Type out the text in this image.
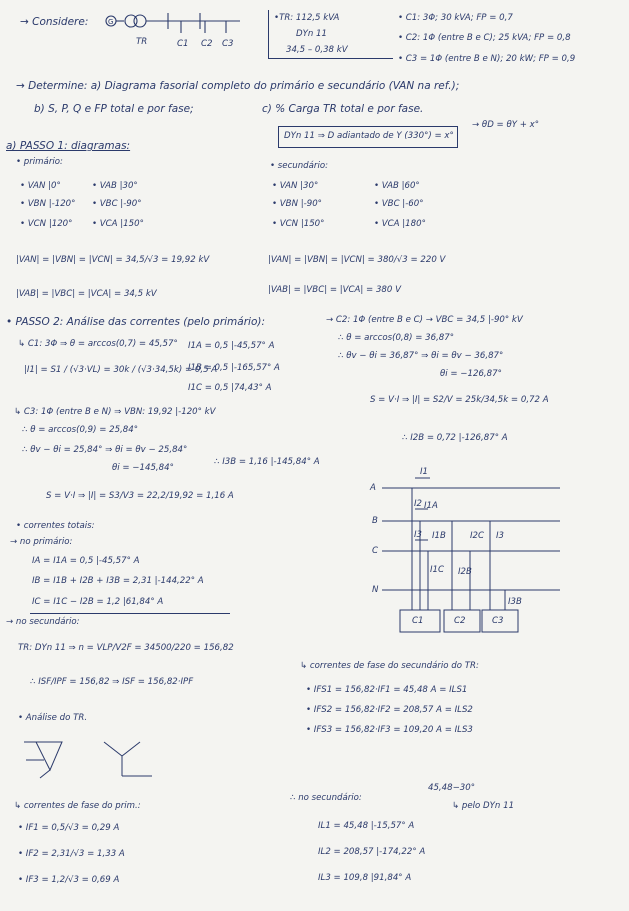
→ Considere:	G
TR	C1 C2 C3
•TR: 112,5 kVA
DYn 11
34,5 – 0,38 kV
• C1: 3Φ; 30 kVA; FP = 0,7
• C2: 1Φ (entre B e C); 25 kVA; FP = 0,8
• C3 = 1Φ (entre B e N); 20 kW; FP = 0,9
→ Determine: a) Diagrama fasorial completo do primário e secundário (VAN na ref.);
b) S, P, Q e FP total e por fase;	c) % Carga TR total e por fase.
DYn 11 ⇒ D adiantado de Y (330°) = x°
→ θD = θY + x°
a) PASSO 1: diagramas:
• primário:
• VAN |0°
• VBN |-120°
• VCN |120°
• VAB |30°
• VBC |-90°
• VCA |150°
|VAN| = |VBN| = |VCN| = 34,5/√3 = 19,92 kV
|VAB| = |VBC| = |VCA| = 34,5 kV
• secundário:
• VAN |30°
• VBN |-90°
• VCN |150°
• VAB |60°
• VBC |-60°
• VCA |180°
|VAN| = |VBN| = |VCN| = 380/√3 = 220 V
|VAB| = |VBC| = |VCA| = 380 V
• PASSO 2: Análise das correntes (pelo primário):
↳ C1: 3Φ ⇒ θ = arccos(0,7) = 45,57°
|I1| = S1 / (√3·VL) = 30k / (√3·34,5k) = 0,5 A
I1A = 0,5 |-45,57° A
I1B = 0,5 |-165,57° A
I1C = 0,5 |74,43° A
↳ C3: 1Φ (entre B e N) ⇒ VBN: 19,92 |-120° kV
∴ θ = arccos(0,9) = 25,84°
∴ θv − θi = 25,84° ⇒ θi = θv − 25,84°
θi = −145,84°
S = V·I ⇒ |I| = S3/V3 = 22,2/19,92 = 1,16 A
∴ I3B = 1,16 |-145,84° A
→ C2: 1Φ (entre B e C) → VBC = 34,5 |-90° kV
∴ θ = arccos(0,8) = 36,87°
∴ θv − θi = 36,87° ⇒ θi = θv − 36,87°
θi = −126,87°
S = V·I ⇒ |I| = S2/V = 25k/34,5k = 0,72 A
∴ I2B = 0,72 |-126,87° A
• correntes totais:
→ no primário:
IA = I1A = 0,5 |-45,57° A
IB = I1B + I2B + I3B = 2,31 |-144,22° A
IC = I1C − I2B = 1,2 |61,84° A
→ no secundário:
TR: DYn 11 ⇒ n = VLP/V2F = 34500/220 = 156,82
∴ ISF/IPF = 156,82 ⇒ ISF = 156,82·IPF
• Análise do TR.
↳ correntes de fase do prim.:
• IF1 = 0,5/√3 = 0,29 A
• IF2 = 2,31/√3 = 1,33 A
• IF3 = 1,2/√3 = 0,69 A
A
B
C
N
C1	C2	C3
I1
I2
I3
I1A
I1B	I2C I3
I1C I2B
I3B
↳ correntes de fase do secundário do TR:
• IFS1 = 156,82·IF1 = 45,48 A = ILS1
• IFS2 = 156,82·IF2 = 208,57 A = ILS2
• IFS3 = 156,82·IF3 = 109,20 A = ILS3
∴ no secundário:
45,48−30°
↳ pelo DYn 11
IL1 = 45,48 |-15,57° A
IL2 = 208,57 |-174,22° A
IL3 = 109,8 |91,84° A
